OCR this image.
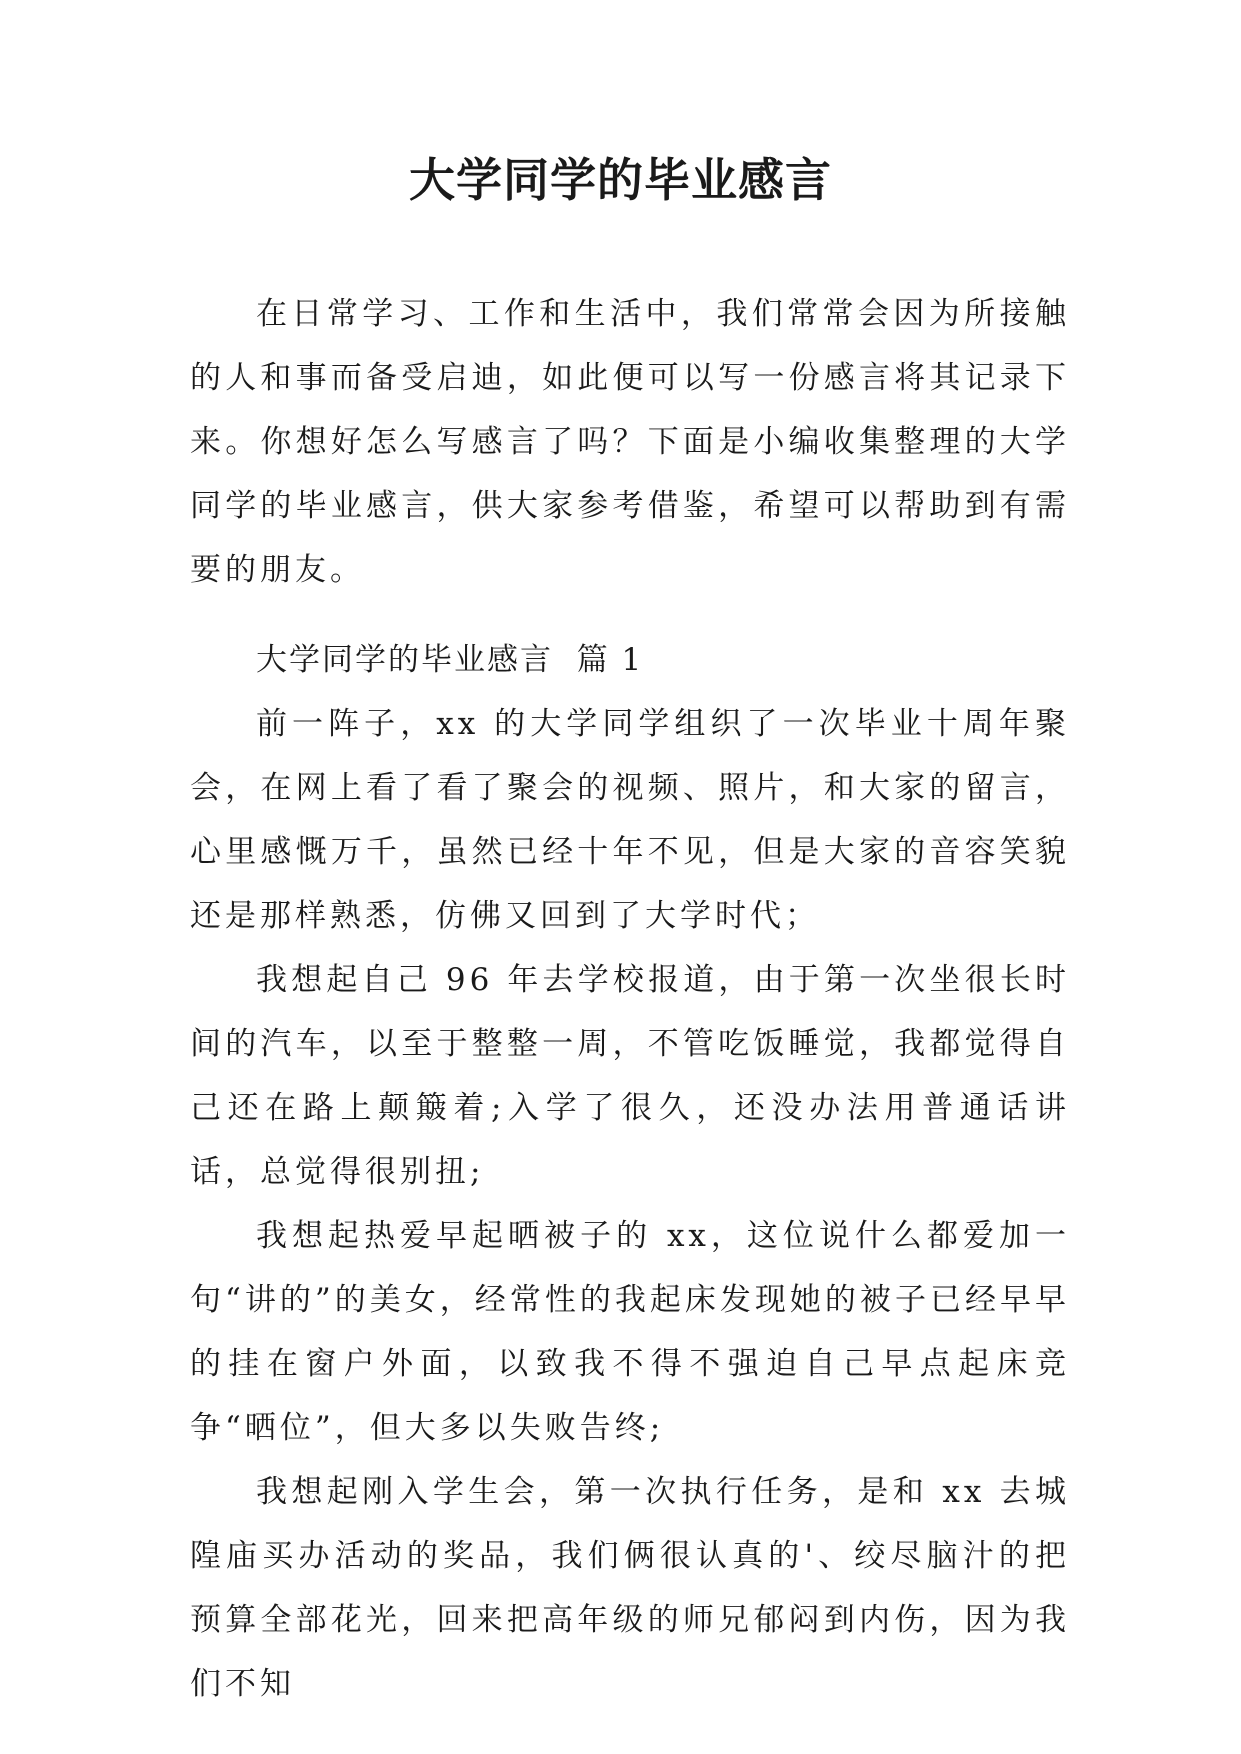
大学同学的毕业感言

在日常学习、工作和生活中，我们常常会因为所接触的人和事而备受启迪，如此便可以写一份感言将其记录下来。你想好怎么写感言了吗？下面是小编收集整理的大学同学的毕业感言，供大家参考借鉴，希望可以帮助到有需要的朋友。

大学同学的毕业感言  篇 1

前一阵子，xx 的大学同学组织了一次毕业十周年聚会，在网上看了看了聚会的视频、照片，和大家的留言，心里感慨万千，虽然已经十年不见，但是大家的音容笑貌还是那样熟悉，仿佛又回到了大学时代；

我想起自己 96 年去学校报道，由于第一次坐很长时间的汽车，以至于整整一周，不管吃饭睡觉，我都觉得自己还在路上颠簸着;入学了很久，还没办法用普通话讲话，总觉得很别扭;

我想起热爱早起晒被子的 xx，这位说什么都爱加一句“讲的”的美女，经常性的我起床发现她的被子已经早早的挂在窗户外面，以致我不得不强迫自己早点起床竞争“晒位”，但大多以失败告终;

我想起刚入学生会，第一次执行任务，是和 xx 去城隍庙买办活动的奖品，我们俩很认真的'、绞尽脑汁的把预算全部花光，回来把高年级的师兄郁闷到内伤，因为我们不知
